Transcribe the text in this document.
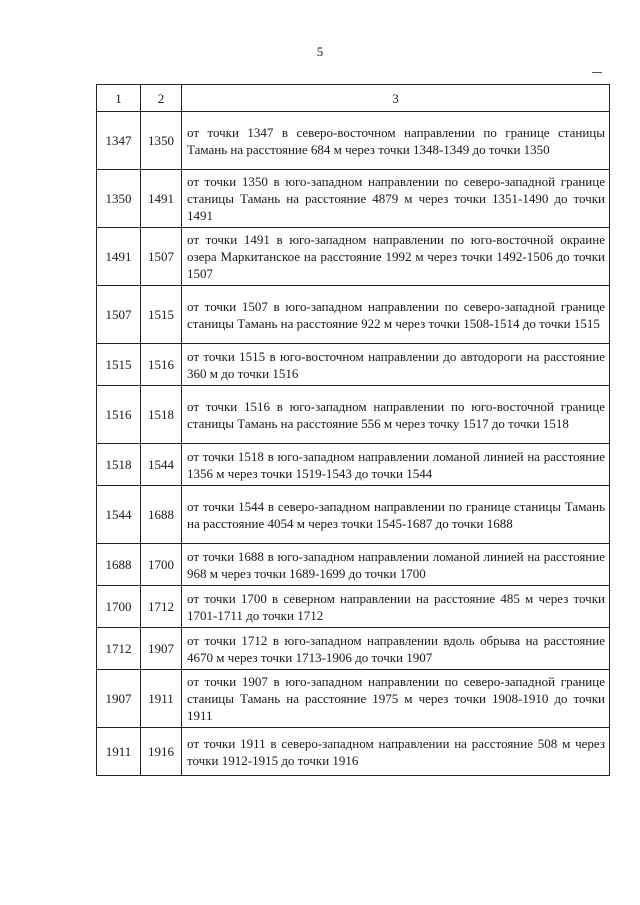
5
1	2	3
1347	1350	от точки 1347 в северо-восточном направлении по границе станицы Тамань на расстояние 684 м через точки 1348-1349 до точки 1350
1350	1491	от точки 1350 в юго-западном направлении по северо-западной границе станицы Тамань на расстояние 4879 м через точки 1351-1490 до точки 1491
1491	1507	от точки 1491 в юго-западном направлении по юго-восточной окраине озера Маркитанское на расстояние 1992 м через точки 1492-1506 до точки 1507
1507	1515	от точки 1507 в юго-западном направлении по северо-западной границе станицы Тамань на расстояние 922 м через точки 1508-1514 до точки 1515
1515	1516	от точки 1515 в юго-восточном направлении до автодороги на расстояние 360 м до точки 1516
1516	1518	от точки 1516 в юго-западном направлении по юго-восточной границе станицы Тамань на расстояние 556 м через точку 1517 до точки 1518
1518	1544	от точки 1518 в юго-западном направлении ломаной линией на расстояние 1356 м через точки 1519-1543 до точки 1544
1544	1688	от точки 1544 в северо-западном направлении по границе станицы Тамань на расстояние 4054 м через точки 1545-1687 до точки 1688
1688	1700	от точки 1688 в юго-западном направлении ломаной линией на расстояние 968 м через точки 1689-1699 до точки 1700
1700	1712	от точки 1700 в северном направлении на расстояние 485 м через точки 1701-1711 до точки 1712
1712	1907	от точки 1712 в юго-западном направлении вдоль обрыва на расстояние 4670 м через точки 1713-1906 до точки 1907
1907	1911	от точки 1907 в юго-западном направлении по северо-западной границе станицы Тамань на расстояние 1975 м через точки 1908-1910 до точки 1911
1911	1916	от точки 1911 в северо-западном направлении на расстояние 508 м через точки 1912-1915 до точки 1916
